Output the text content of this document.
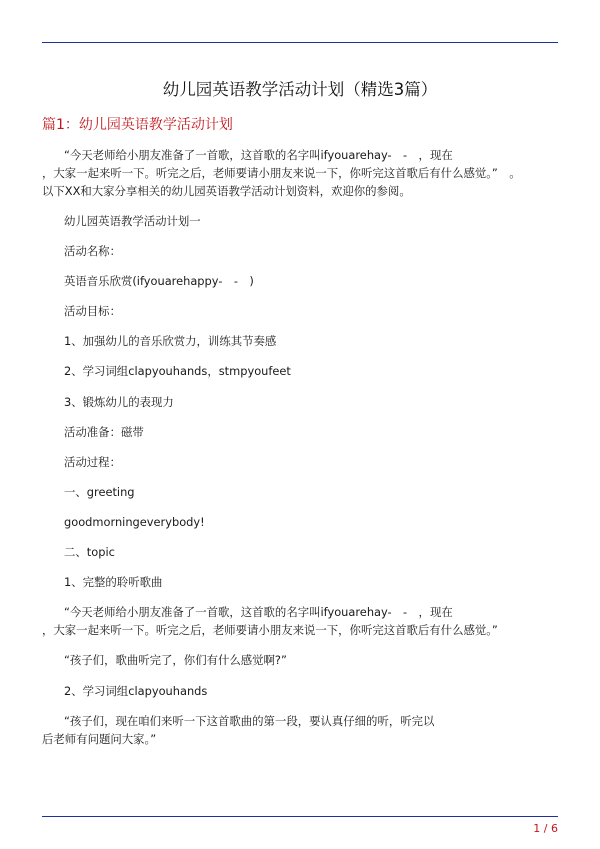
幼儿园英语教学活动计划（精选3篇）
篇1：幼儿园英语教学活动计划
“今天老师给小朋友准备了一首歌，这首歌的名字叫ifyouarehay-　-　，现在
，大家一起来听一下。听完之后，老师要请小朋友来说一下，你听完这首歌后有什么感觉。”　。
以下XX和大家分享相关的幼儿园英语教学活动计划资料，欢迎你的参阅。
幼儿园英语教学活动计划一
活动名称：
英语音乐欣赏(ifyouarehappy-　-　)
活动目标：
1、加强幼儿的音乐欣赏力，训练其节奏感
2、学习词组clapyouhands，stmpyoufeet
3、锻炼幼儿的表现力
活动准备：磁带
活动过程：
一、greeting
goodmorningeverybody!
二、topic
1、完整的聆听歌曲
“今天老师给小朋友准备了一首歌，这首歌的名字叫ifyouarehay-　-　，现在
，大家一起来听一下。听完之后，老师要请小朋友来说一下，你听完这首歌后有什么感觉。”
“孩子们，歌曲听完了，你们有什么感觉啊?”
2、学习词组clapyouhands
“孩子们，现在咱们来听一下这首歌曲的第一段，要认真仔细的听，听完以
后老师有问题问大家。”
1 / 6
